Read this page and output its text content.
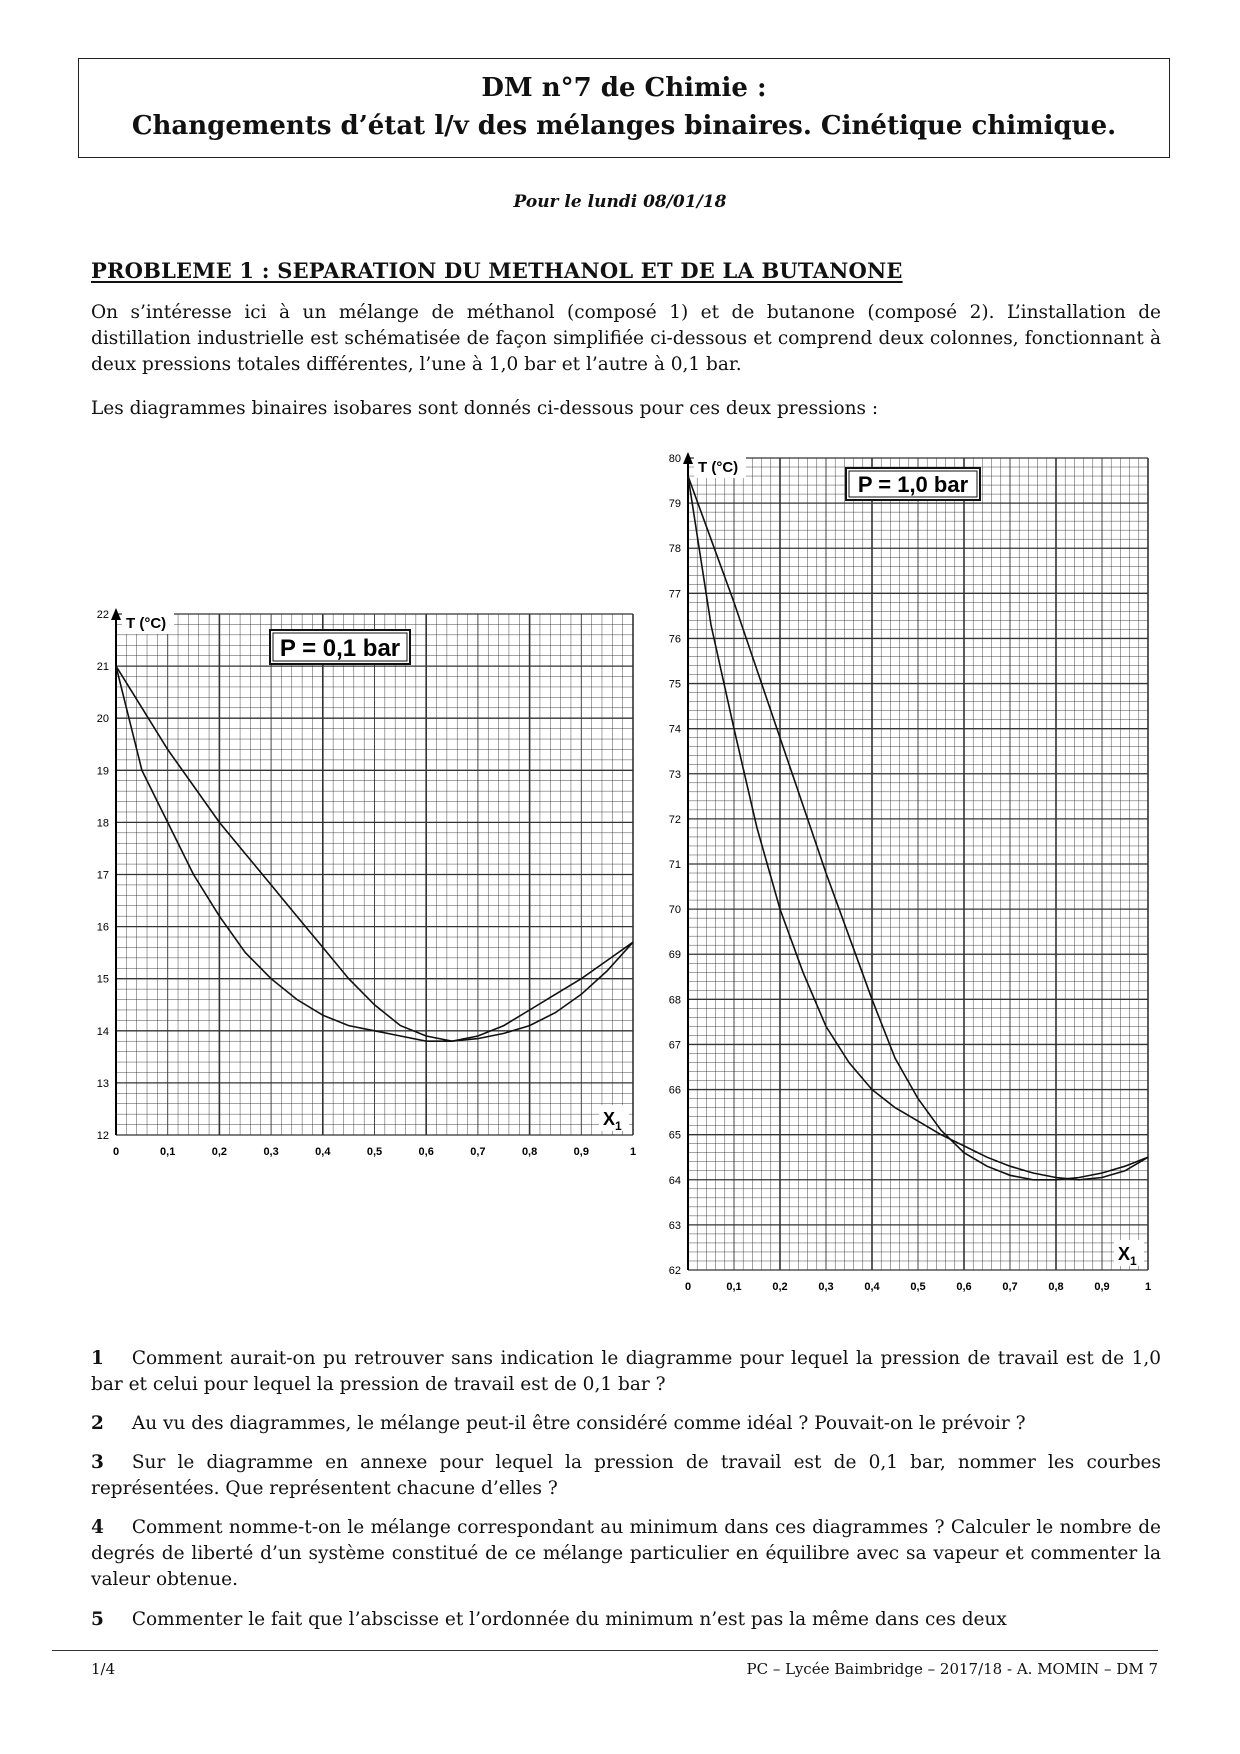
DM n°7 de Chimie :
Changements d’état l/v des mélanges binaires. Cinétique chimique.
Pour le lundi 08/01/18
PROBLEME 1 : SEPARATION DU METHANOL ET DE LA BUTANONE
On s’intéresse ici à un mélange de méthanol (composé 1) et de butanone (composé 2). L’installation de distillation industrielle est schématisée de façon simplifiée ci-dessous et comprend deux colonnes, fonctionnant à deux pressions totales différentes, l’une à 1,0 bar et l’autre à 0,1 bar.
Les diagrammes binaires isobares sont donnés ci-dessous pour ces deux pressions :
0	0,1	0,2	0,3	0,4	0,5	0,6	0,7	0,8	0,9	1
12
13
14
15
16
17
18
19
20
21
22 T (°C)
P = 0,1 bar
$X_1$
0	0,1	0,2	0,3	0,4	0,5	0,6	0,7	0,8	0,9	1
62
63
64
65
66
67
68
69
70
71
72
73
74
75
76
77
78
79
80 T (°C)
P = 1,0 bar
$X_1$
1 Comment aurait-on pu retrouver sans indication le diagramme pour lequel la pression de travail est de 1,0 bar et celui pour lequel la pression de travail est de 0,1 bar ?
2 Au vu des diagrammes, le mélange peut-il être considéré comme idéal ? Pouvait-on le prévoir ?
3 Sur le diagramme en annexe pour lequel la pression de travail est de 0,1 bar, nommer les courbes représentées. Que représentent chacune d’elles ?
4 Comment nomme-t-on le mélange correspondant au minimum dans ces diagrammes ? Calculer le nombre de degrés de liberté d’un système constitué de ce mélange particulier en équilibre avec sa vapeur et commenter la valeur obtenue.
5 Commenter le fait que l’abscisse et l’ordonnée du minimum n’est pas la même dans ces deux
1/4	PC – Lycée Baimbridge – 2017/18 - A. MOMIN – DM 7
